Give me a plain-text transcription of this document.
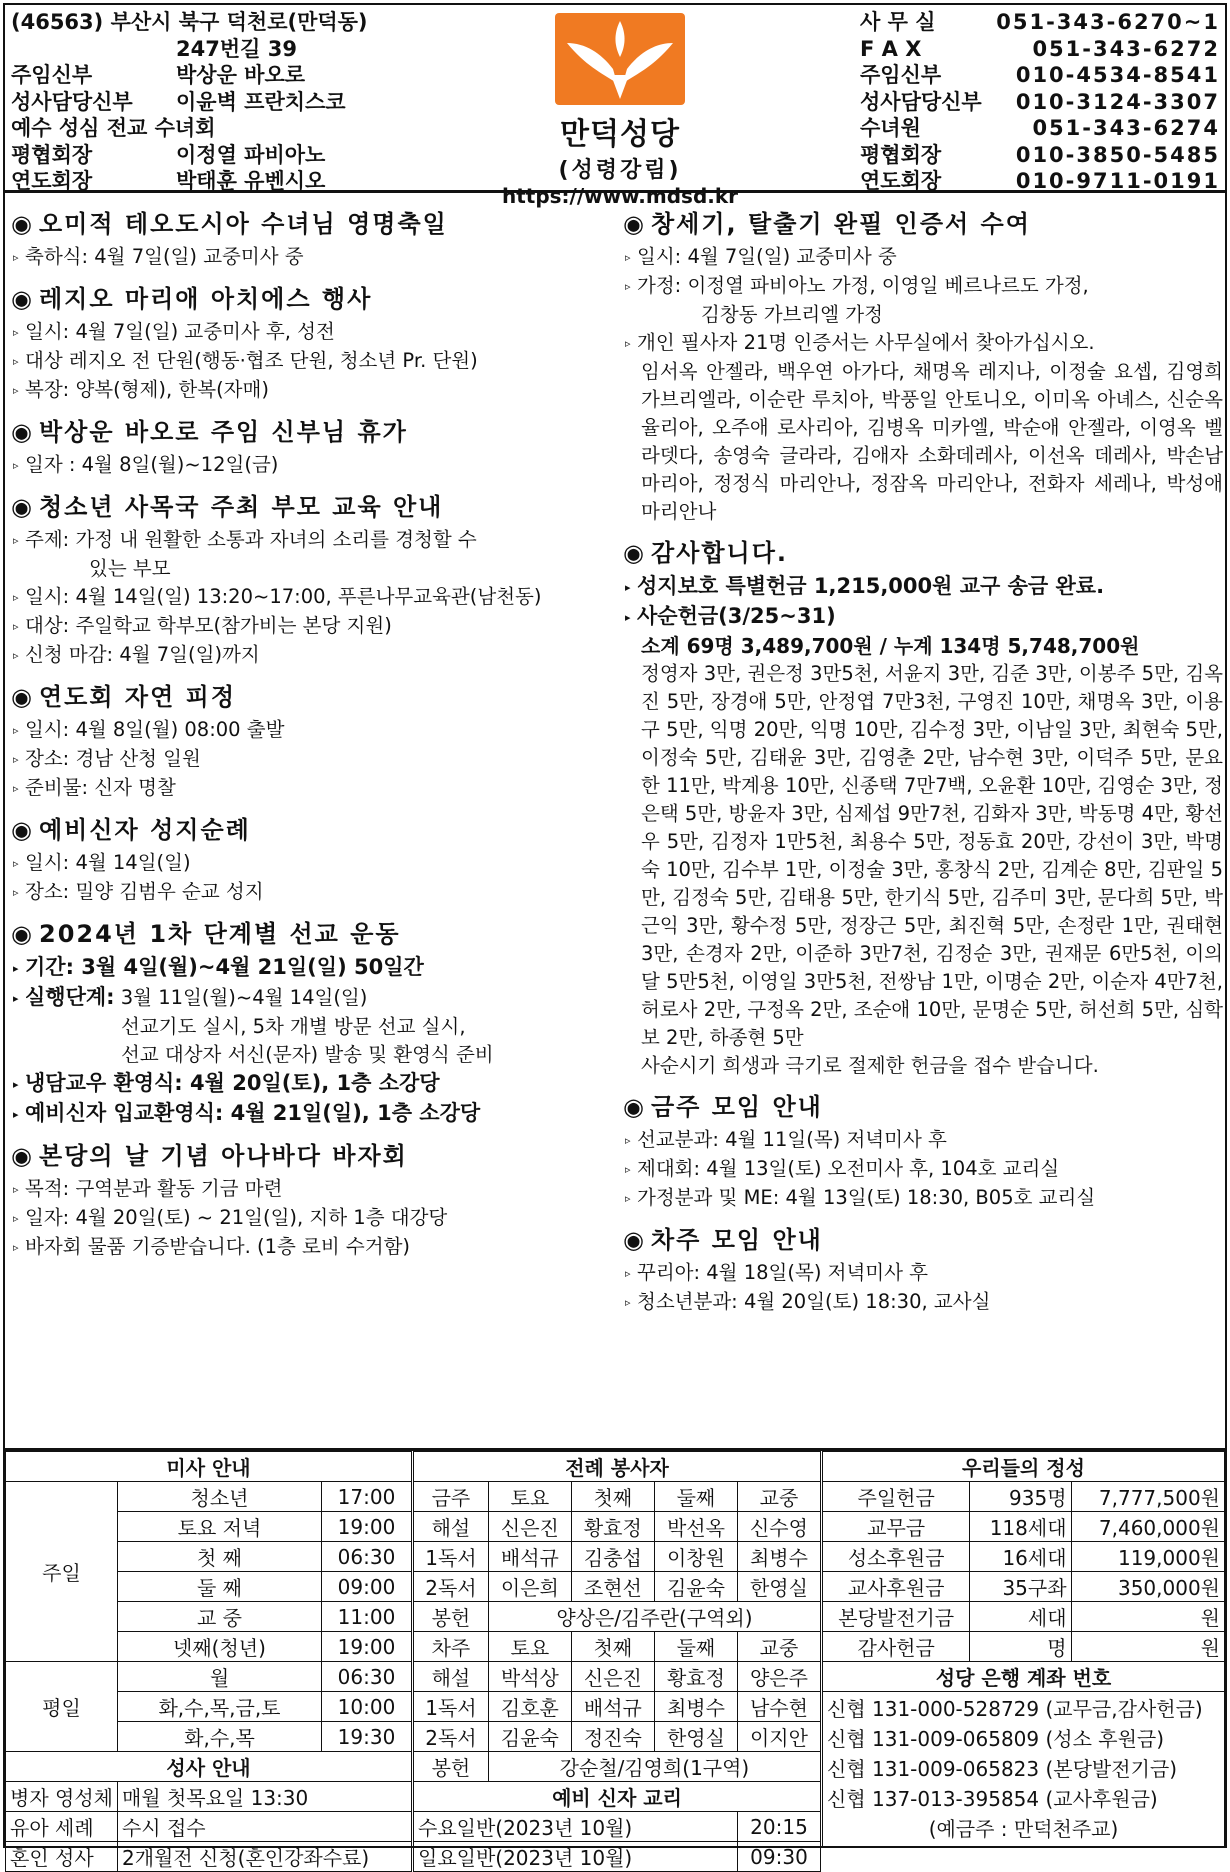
(46563) 부산시 북구 덕천로(만덕동)
247번길 39
주임신부	박상운 바오로
성사담당신부	이윤벽 프란치스코
예수 성심 전교 수녀회
평협회장	이정열 파비아노
연도회장	박태훈 유벤시오
만덕성당
(성령강림)
https://www.mdsd.kr
사 무 실	051-343-6270~1
F A X	051-343-6272
주임신부	010-4534-8541
성사담당신부 010-3124-3307
수녀원	051-343-6274
평협회장	010-3850-5485
연도회장	010-9711-0191
◉ 오미적 테오도시아 수녀님 영명축일
▹ 축하식: 4월 7일(일) 교중미사 중
◉ 레지오 마리애 아치에스 행사
▹ 일시: 4월 7일(일) 교중미사 후, 성전
▹ 대상 레지오 전 단원(행동·협조 단원, 청소년 Pr. 단원)
▹ 복장: 양복(형제), 한복(자매)
◉ 박상운 바오로 주임 신부님 휴가
▹ 일자 : 4월 8일(월)~12일(금)
◉ 청소년 사목국 주최 부모 교육 안내
▹ 주제: 가정 내 원활한 소통과 자녀의 소리를 경청할 수
있는 부모
▹ 일시: 4월 14일(일) 13:20~17:00, 푸른나무교육관(남천동)
▹ 대상: 주일학교 학부모(참가비는 본당 지원)
▹ 신청 마감: 4월 7일(일)까지
◉ 연도회 자연 피정
▹ 일시: 4월 8일(월) 08:00 출발
▹ 장소: 경남 산청 일원
▹ 준비물: 신자 명찰
◉ 예비신자 성지순례
▹ 일시: 4월 14일(일)
▹ 장소: 밀양 김범우 순교 성지
◉ 2024년 1차 단계별 선교 운동
▸ 기간: 3월 4일(월)~4월 21일(일) 50일간
▸ 실행단계: 3월 11일(월)~4월 14일(일)
선교기도 실시, 5차 개별 방문 선교 실시,
선교 대상자 서신(문자) 발송 및 환영식 준비
▸ 냉담교우 환영식: 4월 20일(토), 1층 소강당
▸ 예비신자 입교환영식: 4월 21일(일), 1층 소강당
◉ 본당의 날 기념 아나바다 바자회
▹ 목적: 구역분과 활동 기금 마련
▹ 일자: 4월 20일(토) ~ 21일(일), 지하 1층 대강당
▹ 바자회 물품 기증받습니다. (1층 로비 수거함)
◉ 창세기, 탈출기 완필 인증서 수여
▹ 일시: 4월 7일(일) 교중미사 중
▹ 가정: 이정열 파비아노 가정, 이영일 베르나르도 가정,
김창동 가브리엘 가정
▹ 개인 필사자 21명 인증서는 사무실에서 찾아가십시오.
임서옥 안젤라, 백우연 아가다, 채명옥 레지나, 이정술 요셉, 김영희 가브리엘라, 이순란 루치아, 박풍일 안토니오, 이미옥 아녜스, 신순옥 율리아, 오주애 로사리아, 김병옥 미카엘, 박순애 안젤라, 이영옥 벨라뎃다, 송영숙 글라라, 김애자 소화데레사, 이선옥 데레사, 박손남 마리아, 정정식 마리안나, 정잠옥 마리안나, 전화자 세레나, 박성애 마리안나
◉ 감사합니다.
▸ 성지보호 특별헌금 1,215,000원 교구 송금 완료.
▸ 사순헌금(3/25~31)
소계 69명 3,489,700원 / 누계 134명 5,748,700원
정영자 3만, 권은정 3만5천, 서윤지 3만, 김준 3만, 이봉주 5만, 김옥진 5만, 장경애 5만, 안정엽 7만3천, 구영진 10만, 채명옥 3만, 이용구 5만, 익명 20만, 익명 10만, 김수정 3만, 이남일 3만, 최현숙 5만, 이정숙 5만, 김태윤 3만, 김영춘 2만, 남수현 3만, 이덕주 5만, 문요한 11만, 박계용 10만, 신종택 7만7백, 오윤환 10만, 김영순 3만, 정은택 5만, 방윤자 3만, 심제섭 9만7천, 김화자 3만, 박동명 4만, 황선우 5만, 김정자 1만5천, 최용수 5만, 정동효 20만, 강선이 3만, 박명숙 10만, 김수부 1만, 이정술 3만, 홍창식 2만, 김계순 8만, 김판일 5만, 김정숙 5만, 김태용 5만, 한기식 5만, 김주미 3만, 문다희 5만, 박근익 3만, 황수정 5만, 정장근 5만, 최진혁 5만, 손정란 1만, 권태현 3만, 손경자 2만, 이준하 3만7천, 김정순 3만, 권재문 6만5천, 이의달 5만5천, 이영일 3만5천, 전쌍남 1만, 이명순 2만, 이순자 4만7천, 허로사 2만, 구정옥 2만, 조순애 10만, 문명순 5만, 허선희 5만, 심학보 2만, 하종현 5만
사순시기 희생과 극기로 절제한 헌금을 접수 받습니다.
◉ 금주 모임 안내
▹ 선교분과: 4월 11일(목) 저녁미사 후
▹ 제대회: 4월 13일(토) 오전미사 후, 104호 교리실
▹ 가정분과 및 ME: 4월 13일(토) 18:30, B05호 교리실
◉ 차주 모임 안내
▹ 꾸리아: 4월 18일(목) 저녁미사 후
▹ 청소년분과: 4월 20일(토) 18:30, 교사실
미사 안내		
주일	청소년	17:00
	토요 저녁	19:00
	첫 째	06:30
	둘 째	09:00
	교 중	11:00
	넷째(청년)	19:00
평일	월	06:30
	화,수,목,금,토	10:00
	화,수,목	19:30
성사 안내		
병자 영성체	매월 첫목요일 13:30	
유아 세례	수시 접수	
혼인 성사	2개월전 신청(혼인강좌수료)	
전례 봉사자				
금주	토요	첫째	둘째	교중
해설	신은진	황효정	박선옥	신수영
1독서	배석규	김충섭	이창원	최병수
2독서	이은희	조현선	김윤숙	한영실
봉헌	양상은/김주란(구역외)			
차주	토요	첫째	둘째	교중
해설	박석상	신은진	황효정	양은주
1독서	김호훈	배석규	최병수	남수현
2독서	김윤숙	정진숙	한영실	이지안
봉헌	강순철/김영희(1구역)			
예비 신자 교리				
수요일반(2023년 10월)				20:15
일요일반(2023년 10월)				09:30
우리들의 정성		
주일헌금	935명	7,777,500원
교무금	118세대	7,460,000원
성소후원금	16세대	119,000원
교사후원금	35구좌	350,000원
본당발전기금	세대	원
감사헌금	명	원
성당 은행 계좌 번호		

신협 131-000-528729 (교무금,감사헌금)
신협 131-009-065809 (성소 후원금)
신협 131-009-065823 (본당발전기금)
신협 137-013-395854 (교사후원금)
(예금주 : 만덕천주교)		
